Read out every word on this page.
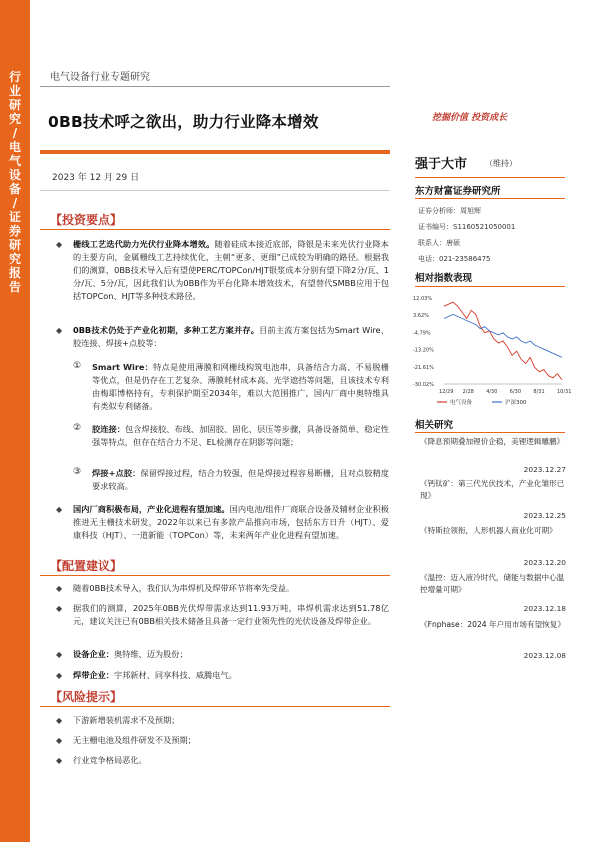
行业研究 / 电气设备 / 证券研究报告
电气设备行业专题研究
挖掘价值 投资成长
0BB技术呼之欲出，助力行业降本增效
2023 年 12 月 29 日
【投资要点】
◆ 栅线工艺迭代助力光伏行业降本增效。随着硅成本接近底部，降银是未来光伏行业降本的主要方向，金属栅线工艺持续优化，主朝“更多、更细”已成较为明确的路径。根据我们的测算，0BB技术导入后有望使PERC/TOPCon/HJT银浆成本分别有望下降2分/瓦、1分/瓦、5分/瓦，因此我们认为0BB作为平台化降本增效技术，有望替代SMBB应用于包括TOPCon、HJT等多种技术路径。
◆ 0BB技术仍处于产业化初期，多种工艺方案并存。目前主流方案包括为Smart Wire、胶连接、焊接+点胶等：
① Smart Wire：特点是使用薄膜和网栅线构筑电池串，具备结合力高、不易脱栅等优点，但是仍存在工艺复杂、薄膜耗材成本高、光学遮挡等问题，且该技术专利由梅耶博格持有，专利保护期至2034年，难以大范围推广，国内厂商中奥特维具有类似专利储备。
② 胶连接：包含焊接胶、布线、加固胶、固化、层压等步骤，具备设备简单、稳定性强等特点，但存在结合力不足、EL检测存在阴影等问题；
③ 焊接+点胶：保留焊接过程，结合力较强，但是焊接过程容易断栅，且对点胶精度要求较高。
◆ 国内厂商积极布局，产业化进程有望加速。国内电池/组件厂商联合设备及辅材企业积极推进无主栅技术研发，2022年以来已有多款产品推向市场，包括东方日升（HJT）、爱康科技（HJT）、一道新能（TOPCon）等，未来两年产业化进程有望加速。
【配置建议】
◆ 随着0BB技术导入，我们认为串焊机及焊带环节将率先受益。
◆ 据我们的测算，2025年0BB光伏焊带需求达到11.93万吨，串焊机需求达到51.78亿元，建议关注已有0BB相关技术储备且具备一定行业领先性的光伏设备及焊带企业。
◆ 设备企业：奥特维、迈为股份；
◆ 焊带企业：宇邦新材、同享科技、威腾电气。
【风险提示】
◆ 下游新增装机需求不及预期；
◆ 无主栅电池及组件研发不及预期；
◆ 行业竞争格局恶化。
强于大市 （维持）
东方财富证券研究所
证券分析师：周旭辉
证书编号：S1160521050001
联系人：唐硕
电话：021-23586475
相对指数表现
12.03%
3.62%
-4.79%
-13.20%
-21.61%
-30.02%
12/29 2/28 4/30 6/30 8/31 10/31
电气设备	沪深300
相关研究
《降息预期叠加锂价企稳，美锂逻辑雕鹏》
2023.12.27
《钙钛矿：第三代光伏技术，产业化雏形已现》
2023.12.25
《特斯拉领衔，人形机器人商业化可期》
2023.12.20
《温控：迈入液冷时代，储能与数据中心温控增量可期》
2023.12.18
《Fnphase：2024 年户用市场有望恢复》
2023.12.08
